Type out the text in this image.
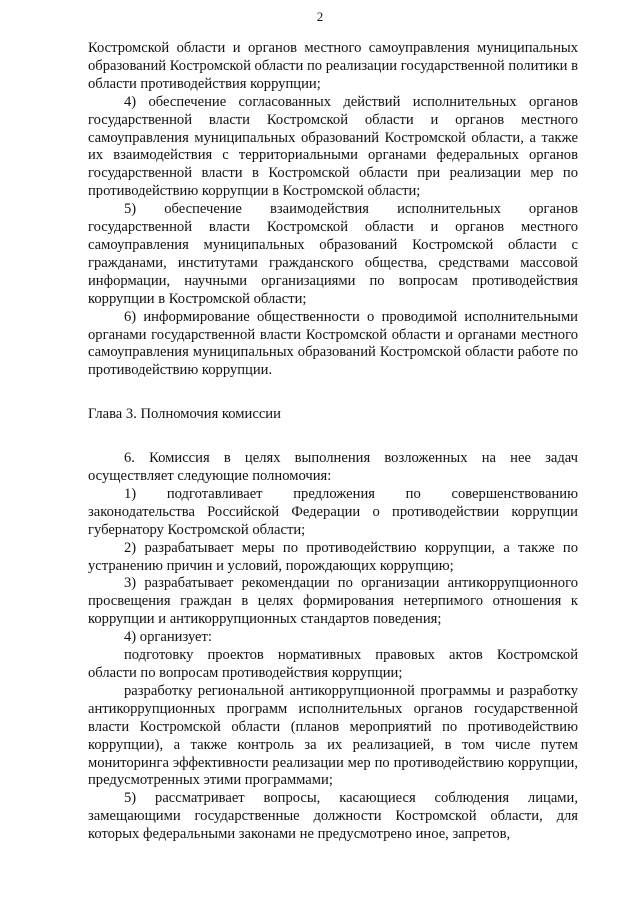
2

Костромской области и органов местного самоуправления муниципальных образований Костромской области по реализации государственной политики в области противодействия коррупции;

4) обеспечение согласованных действий исполнительных органов государственной власти Костромской области и органов местного самоуправления муниципальных образований Костромской области, а также их взаимодействия с территориальными органами федеральных органов государственной власти в Костромской области при реализации мер по противодействию коррупции в Костромской области;

5) обеспечение взаимодействия исполнительных органов государственной власти Костромской области и органов местного самоуправления муниципальных образований Костромской области с гражданами, институтами гражданского общества, средствами массовой информации, научными организациями по вопросам противодействия коррупции в Костромской области;

6) информирование общественности о проводимой исполнительными органами государственной власти Костромской области и органами местного самоуправления муниципальных образований Костромской области работе по противодействию коррупции.

Глава 3. Полномочия комиссии

6. Комиссия в целях выполнения возложенных на нее задач осуществляет следующие полномочия:

1) подготавливает предложения по совершенствованию законодательства Российской Федерации о противодействии коррупции губернатору Костромской области;

2) разрабатывает меры по противодействию коррупции, а также по устранению причин и условий, порождающих коррупцию;

3) разрабатывает рекомендации по организации антикоррупционного просвещения граждан в целях формирования нетерпимого отношения к коррупции и антикоррупционных стандартов поведения;

4) организует:

подготовку проектов нормативных правовых актов Костромской области по вопросам противодействия коррупции;

разработку региональной антикоррупционной программы и разработку антикоррупционных программ исполнительных органов государственной власти Костромской области (планов мероприятий по противодействию коррупции), а также контроль за их реализацией, в том числе путем мониторинга эффективности реализации мер по противодействию коррупции, предусмотренных этими программами;

5) рассматривает вопросы, касающиеся соблюдения лицами, замещающими государственные должности Костромской области, для которых федеральными законами не предусмотрено иное, запретов,
